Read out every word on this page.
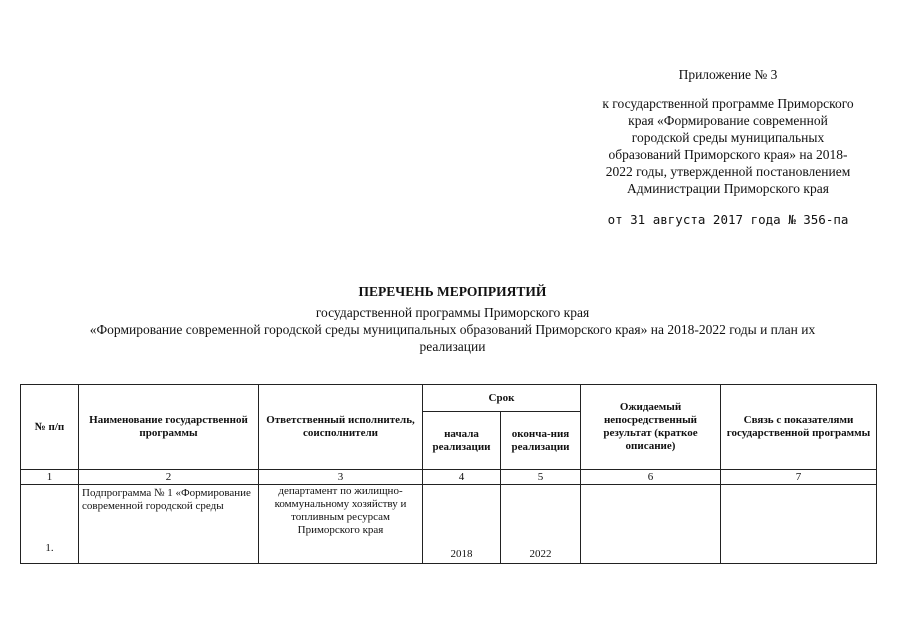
Приложение № 3
к государственной программе Приморского
края «Формирование современной
городской среды муниципальных
образований Приморского края» на 2018-
2022 годы, утвержденной постановлением
Администрации Приморского края
от 31 августа 2017 года № 356-па
ПЕРЕЧЕНЬ МЕРОПРИЯТИЙ
государственной программы Приморского края
«Формирование современной городской среды муниципальных образований Приморского края» на 2018-2022 годы и план их
реализации
№ п/п	Наименование государственной программы	Ответственный исполнитель, соисполнители	Срок		Ожидаемый непосредственный результат (краткое описание)	Связь с показателями государственной программы
			начала реализации	оконча-ния реализации		
1	2	3	4	5	6	7
1.	Подпрограмма № 1 «Формирование современной городской среды	департамент по жилищно-коммунальному хозяйству и топливным ресурсам Приморского края	2018	2022		
